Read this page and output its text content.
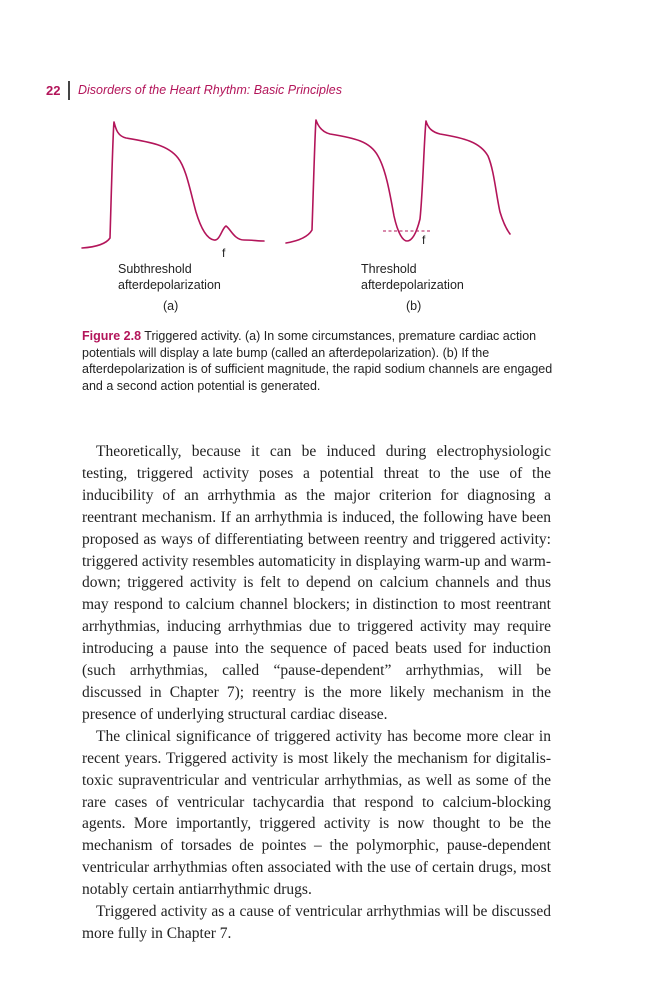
22 Disorders of the Heart Rhythm: Basic Principles
f
Subthreshold
afterdepolarization
(a)
f
Threshold
afterdepolarization
(b)
Figure 2.8 Triggered activity. (a) In some circumstances, premature cardiac action potentials will display a late bump (called an afterdepolarization). (b) If the afterdepolarization is of sufficient magnitude, the rapid sodium channels are engaged and a second action potential is generated.

Theoretically, because it can be induced during electrophysiologic testing, triggered activity poses a potential threat to the use of the inducibility of an arrhythmia as the major criterion for diagnosing a reentrant mechanism. If an arrhythmia is induced, the following have been proposed as ways of differentiating between reentry and triggered activity: triggered activity resembles automaticity in displaying warm-up and warm-down; triggered activity is felt to depend on calcium channels and thus may respond to calcium channel blockers; in distinction to most reentrant arrhythmias, inducing arrhythmias due to triggered activity may require introducing a pause into the sequence of paced beats used for induction (such arrhythmias, called “pause-dependent” arrhythmias, will be discussed in Chapter 7); reentry is the more likely mechanism in the presence of underlying structural cardiac disease.

The clinical significance of triggered activity has become more clear in recent years. Triggered activity is most likely the mechanism for digitalis-toxic supraventricular and ventricular arrhythmias, as well as some of the rare cases of ventricular tachycardia that respond to calcium-blocking agents. More importantly, triggered activity is now thought to be the mechanism of torsades de pointes – the polymorphic, pause-dependent ventricular arrhythmias often associated with the use of certain drugs, most notably certain antiarrhythmic drugs.

Triggered activity as a cause of ventricular arrhythmias will be discussed more fully in Chapter 7.
